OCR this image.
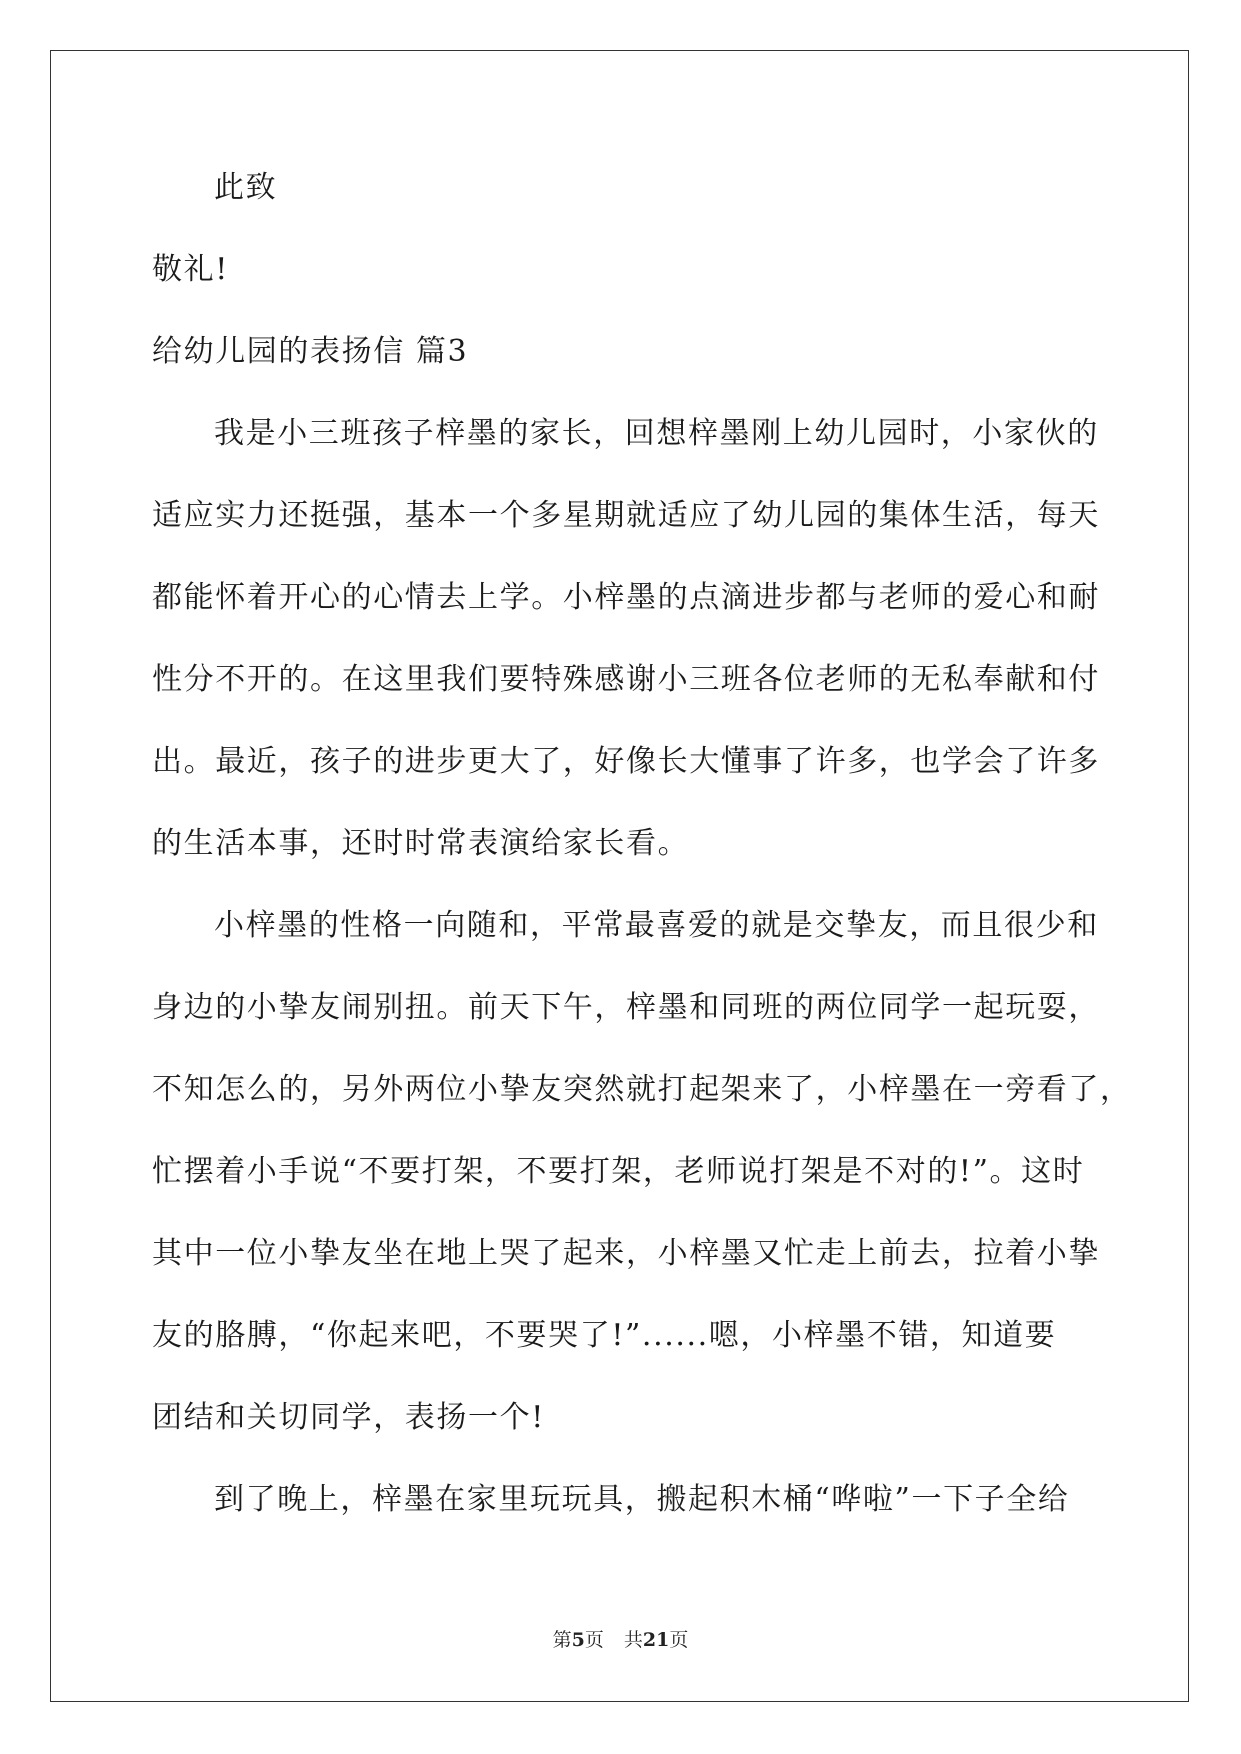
此致
敬礼!
给幼儿园的表扬信 篇3
我是小三班孩子梓墨的家长，回想梓墨刚上幼儿园时，小家伙的
适应实力还挺强，基本一个多星期就适应了幼儿园的集体生活，每天
都能怀着开心的心情去上学。小梓墨的点滴进步都与老师的爱心和耐
性分不开的。在这里我们要特殊感谢小三班各位老师的无私奉献和付
出。最近，孩子的进步更大了，好像长大懂事了许多，也学会了许多
的生活本事，还时时常表演给家长看。
小梓墨的性格一向随和，平常最喜爱的就是交挚友，而且很少和
身边的小挚友闹别扭。前天下午，梓墨和同班的两位同学一起玩耍，
不知怎么的，另外两位小挚友突然就打起架来了，小梓墨在一旁看了，
忙摆着小手说“不要打架，不要打架，老师说打架是不对的!”。这时
其中一位小挚友坐在地上哭了起来，小梓墨又忙走上前去，拉着小挚
友的胳膊，“你起来吧，不要哭了!”......嗯，小梓墨不错，知道要
团结和关切同学，表扬一个!
到了晚上，梓墨在家里玩玩具，搬起积木桶“哗啦”一下子全给
第5页 共21页
